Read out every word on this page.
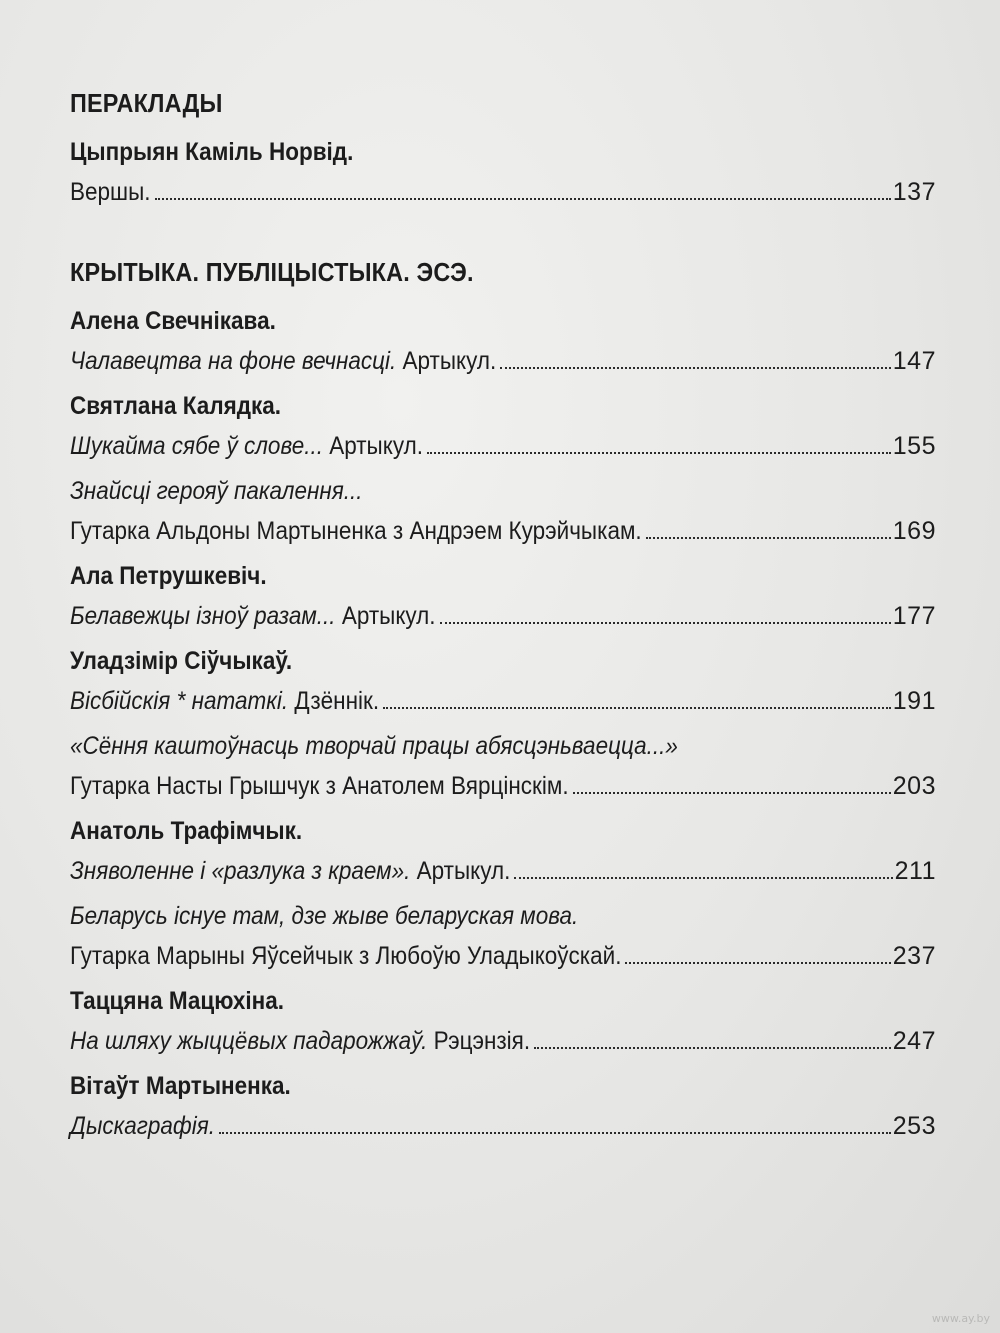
ПЕРАКЛАДЫ
Цыпрыян Каміль Норвід.
Вершы.	137
КРЫТЫКА. ПУБЛІЦЫСТЫКА. ЭСЭ.
Алена Свечнікава.
Чалавецтва на фоне вечнасці. Артыкул.	147
Святлана Калядка.
Шукайма сябе ў слове... Артыкул.	155
Знайсці герояў пакалення...
Гутарка Альдоны Мартыненка з Андрэем Курэйчыкам.	169
Ала Петрушкевіч.
Белавежцы ізноў разам... Артыкул.	177
Уладзімір Сіўчыкаў.
Вісбійскія * нататкі. Дзённік.	191
«Сёння каштоўнасць творчай працы абясцэньваецца...»
Гутарка Насты Грышчук з Анатолем Вярцінскім.	203
Анатоль Трафімчык.
Зняволенне і «разлука з краем». Артыкул.	211
Беларусь існуе там, дзе жыве беларуская мова.
Гутарка Марыны Яўсейчык з Любоўю Уладыкоўскай.	237
Таццяна Мацюхіна.
На шляху жыццёвых падарожжаў. Рэцэнзія.	247
Вітаўт Мартыненка.
Дыскаграфія.	253
www.ay.by
